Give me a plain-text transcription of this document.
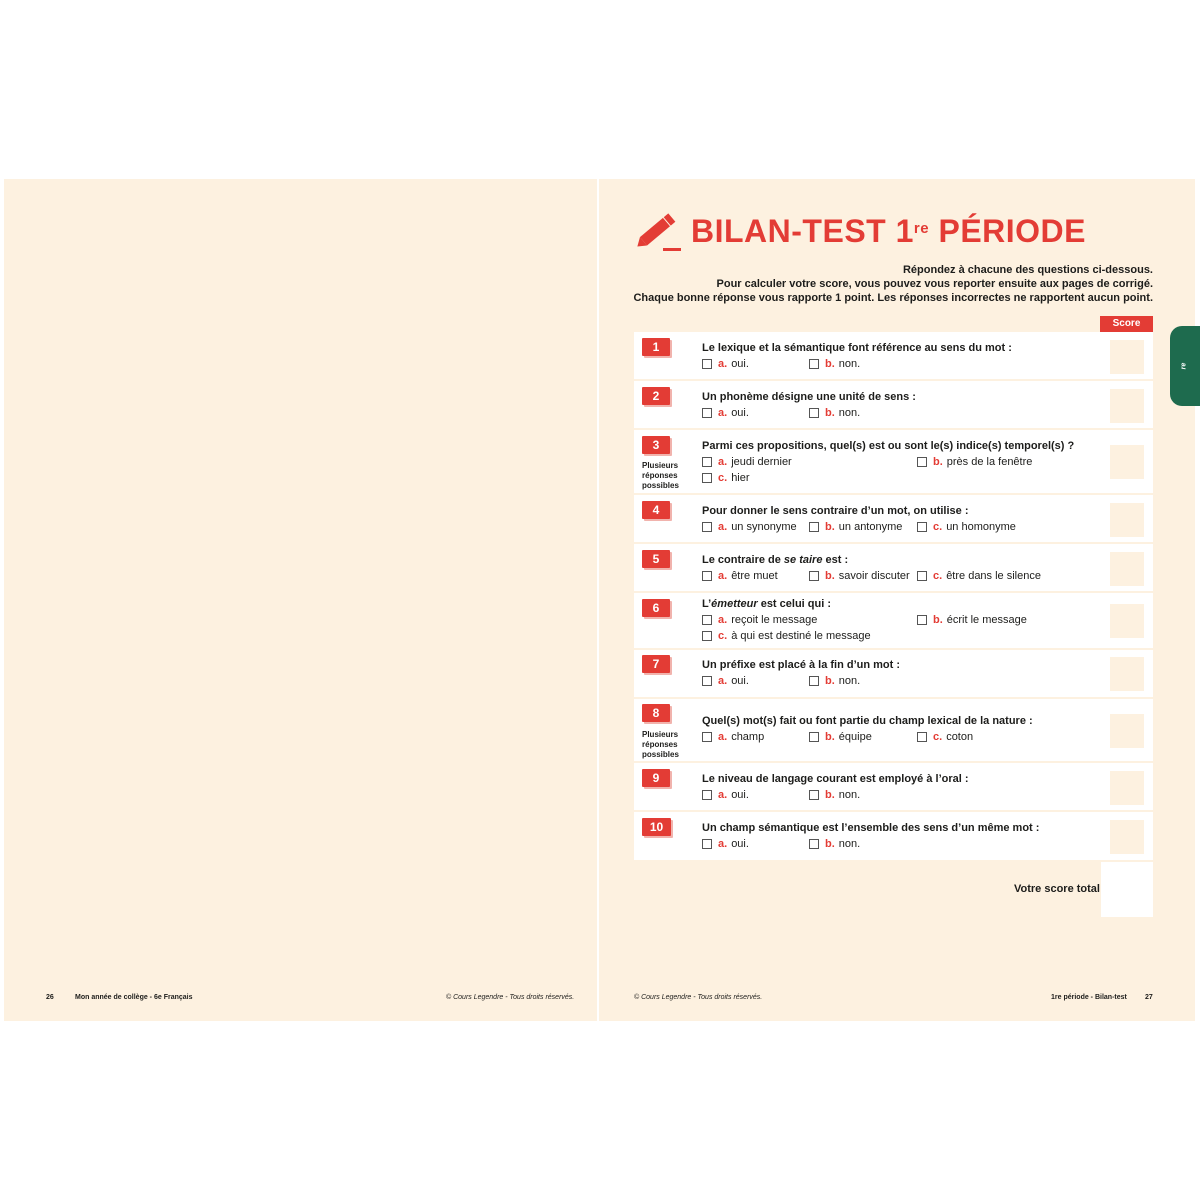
BILAN-TEST 1re PÉRIODE
Répondez à chacune des questions ci-dessous.
Pour calculer votre score, vous pouvez vous reporter ensuite aux pages de corrigé.
Chaque bonne réponse vous rapporte 1 point. Les réponses incorrectes ne rapportent aucun point.
Score
$^{re}$
1	Le lexique et la sémantique font référence au sens du mot :
a. oui.	b. non.
2	Un phonème désigne une unité de sens :
a. oui.	b. non.
3
Plusieurs
réponses
possibles
Parmi ces propositions, quel(s) est ou sont le(s) indice(s) temporel(s) ?
a. jeudi dernier	b. près de la fenêtre
c. hier
4	Pour donner le sens contraire d’un mot, on utilise :
a. un synonyme	b. un antonyme	c. un homonyme
5	Le contraire de se taire est :
a. être muet	b. savoir discuter c. être dans le silence
6	L’émetteur est celui qui :
a. reçoit le message	b. écrit le message
c. à qui est destiné le message
7	Un préfixe est placé à la fin d’un mot :
a. oui.	b. non.
8
Plusieurs
réponses
possibles
Quel(s) mot(s) fait ou font partie du champ lexical de la nature :
a. champ	b. équipe	c. coton
9	Le niveau de langage courant est employé à l’oral :
a. oui.	b. non.
10	Un champ sémantique est l’ensemble des sens d’un même mot :
a. oui.	b. non.
Votre score total
26	Mon année de collège - 6e Français	© Cours Legendre - Tous droits réservés.	© Cours Legendre - Tous droits réservés.	1re période - Bilan-test	27
